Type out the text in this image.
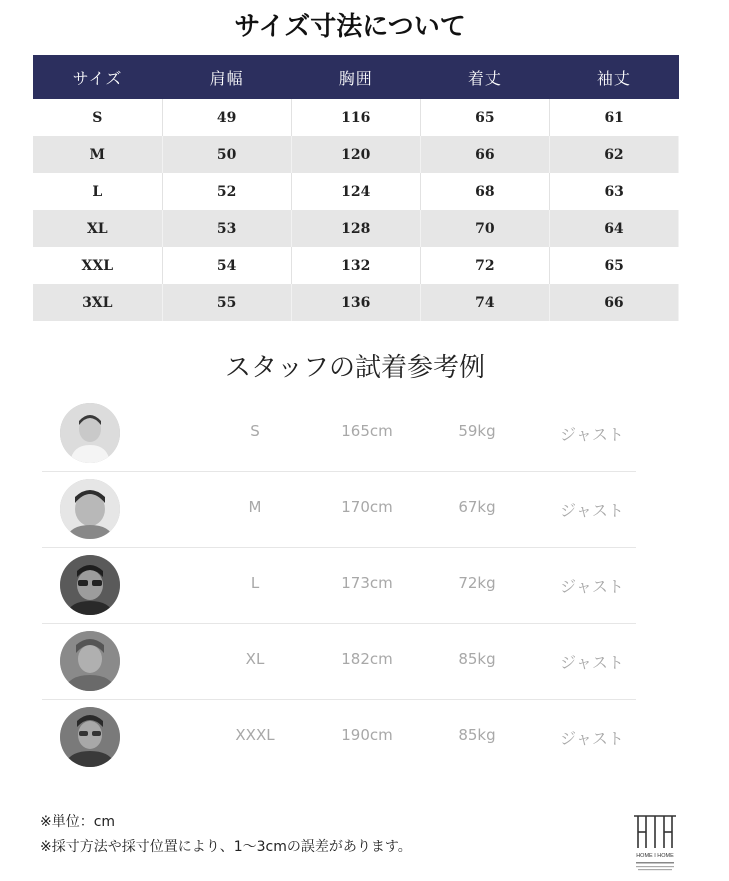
サイズ寸法について
サイズ	肩幅	胸囲	着丈	袖丈
S	49	116	65	61
M	50	120	66	62
L	52	124	68	63
XL	53	128	70	64
XXL	54	132	72	65
3XL	55	136	74	66
スタッフの試着参考例
S	165cm	59kg	ジャスト
M	170cm	67kg	ジャスト
L	173cm	72kg	ジャスト
XL	182cm	85kg	ジャスト
XXXL	190cm	85kg	ジャスト
※単位：cm
※採寸方法や採寸位置により、1～3cmの誤差があります。
HOME I HOME
